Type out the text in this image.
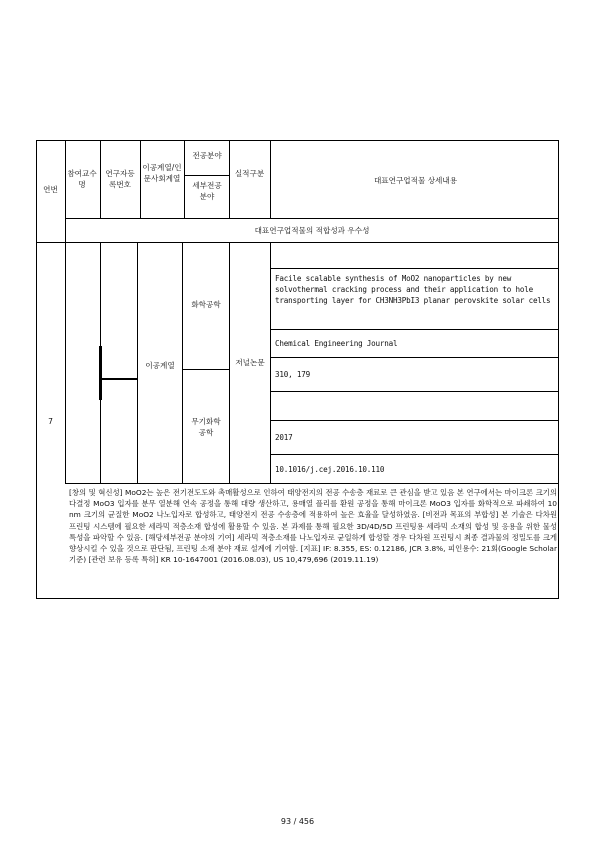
연번
참여교수명
연구자등록번호
이공계열/인문사회계열
전공분야
세부전공분야
실적구분
대표연구업적물 상세내용
대표연구업적물의 적합성과 우수성
7
이공계열
화학공학
무기화학공학
저널논문
Facile scalable synthesis of MoO2 nanoparticles by new solvothermal cracking process and their application to hole transporting layer for CH3NH3PbI3 planar perovskite solar cells
Chemical Engineering Journal
310, 179
2017
10.1016/j.cej.2016.10.110
[창의 및 혁신성] MoO2는 높은 전기전도도와 촉매활성으로 인하여 태양전지의 전공 수송층 재료로 큰 관심을 받고 있음 본 연구에서는 마이크론 크기의 다결정 MoO3 입자를 분무 열분해 연속 공정을 통해 대량 생산하고, 용매열 플리를 환원 공정을 통해 마이크론 MoO3 입자를 화학적으로 파쇄하여 10 nm 크기의 균질한 MoO2 나노입자로 합성하고, 태양전지 전공 수송층에 적용하여 높은 효율을 달성하였음. [비전과 목표의 부합성] 본 기술은 다차원 프린팅 시스템에 필요한 세라믹 적층소재 합성에 활용할 수 있음. 본 과제를 통해 필요한 3D/4D/5D 프린팅용 세라믹 소재의 합성 및 응용을 위한 물성 특성을 파악할 수 있음. [해당세부전공 분야의 기여] 세라믹 적층소재를 나노입자로 균일하게 합성할 경우 다차원 프린팅시 최종 결과물의 정밀도를 크게 향상시킬 수 있을 것으로 판단됨, 프린팅 소재 분야 재료 설계에 기여함. [지표] IF: 8.355, ES: 0.12186, JCR 3.8%, 피인용수: 21회(Google Scholar 기준) [관련 보유 등록 특허] KR 10-1647001 (2016.08.03), US 10,479,696 (2019.11.19)
93 / 456
